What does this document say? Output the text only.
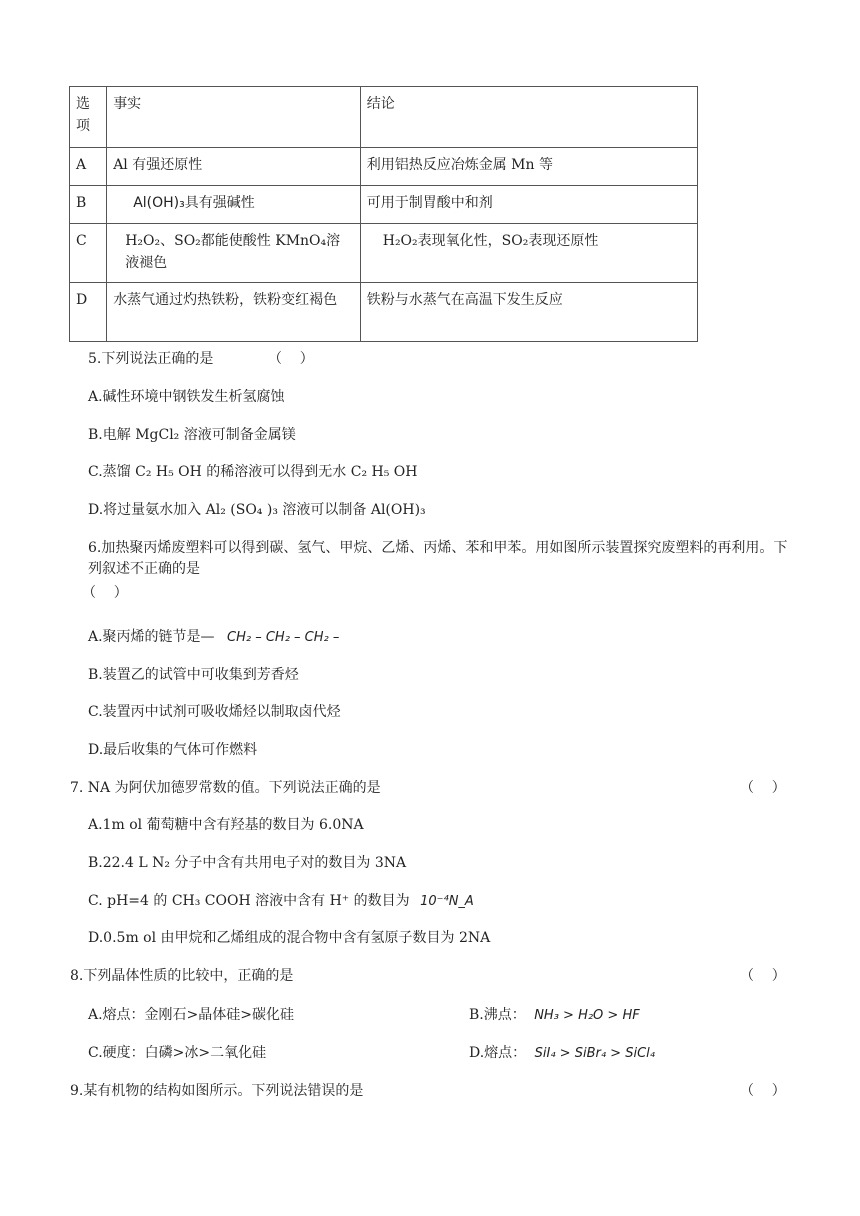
选
项	事实	结论
A	Al 有强还原性	利用铝热反应冶炼金属 Mn 等
B	Al(OH)₃具有强碱性	可用于制胃酸中和剂
C	H₂O₂、SO₂都能使酸性 KMnO₄溶液褪色	H₂O₂表现氧化性，SO₂表现还原性
D	水蒸气通过灼热铁粉，铁粉变红褐色	铁粉与水蒸气在高温下发生反应
5.下列说法正确的是	（    ）
A.碱性环境中钢铁发生析氢腐蚀
B.电解 MgCl₂ 溶液可制备金属镁
C.蒸馏 C₂ H₅ OH 的稀溶液可以得到无水 C₂ H₅ OH
D.将过量氨水加入 Al₂ (SO₄ )₃ 溶液可以制备 Al(OH)₃
6.加热聚丙烯废塑料可以得到碳、氢气、甲烷、乙烯、丙烯、苯和甲苯。用如图所示装置探究废塑料的再利用。下列叙述不正确的是
（    ）
A.聚丙烯的链节是— CH₂ – CH₂ – CH₂ –
B.装置乙的试管中可收集到芳香烃
C.装置丙中试剂可吸收烯烃以制取卤代烃
D.最后收集的气体可作燃料
7. NA 为阿伏加德罗常数的值。下列说法正确的是	（    ）
A.1m ol 葡萄糖中含有羟基的数目为 6.0NA
B.22.4 L N₂ 分子中含有共用电子对的数目为 3NA
C. pH=4 的 CH₃ COOH 溶液中含有 H⁺ 的数目为 10⁻⁴N_A
D.0.5m ol 由甲烷和乙烯组成的混合物中含有氢原子数目为 2NA
8.下列晶体性质的比较中，正确的是	（    ）
A.熔点：金刚石>晶体硅>碳化硅	B.沸点： NH₃ > H₂O > HF
C.硬度：白磷>冰>二氧化硅	D.熔点： SiI₄ > SiBr₄ > SiCl₄
9.某有机物的结构如图所示。下列说法错误的是	（    ）
